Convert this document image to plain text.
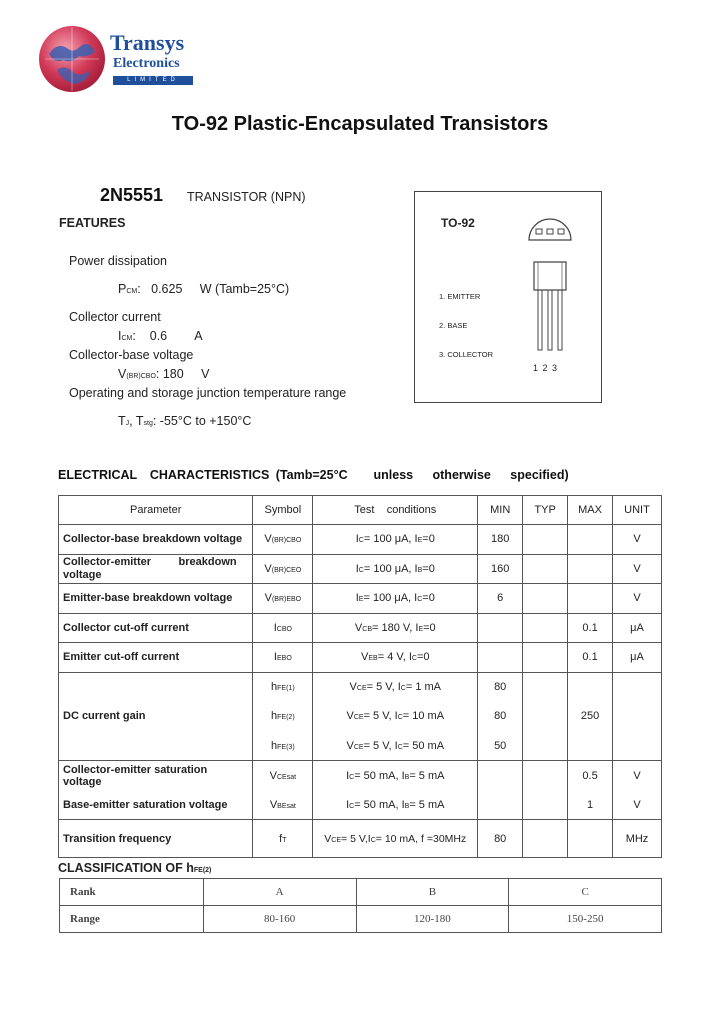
Transys
Electronics
LIMITED
TO-92 Plastic-Encapsulated Transistors
2N5551 TRANSISTOR (NPN)
FEATURES
Power dissipation
PCM:   0.625     W (Tamb=25°C)
Collector current
ICM:    0.6        A
Collector-base voltage
V(BR)CBO: 180     V
Operating and storage junction temperature range
TJ, Tstg: -55°C to +150°C
TO-92
1. EMITTER
2. BASE
3. COLLECTOR
1 2 3
ELECTRICAL  CHARACTERISTICS (Tamb=25°C    unless   otherwise   specified)
Parameter	Symbol	Test    conditions	MIN	TYP	MAX	UNIT
Collector-base breakdown voltage	V(BR)CBO	IC= 100 μA, IE=0	180			V
Collector-emitter         breakdown voltage	V(BR)CEO	IC= 100 μA, IB=0	160			V
Emitter-base breakdown voltage	V(BR)EBO	IE= 100 μA, IC=0	6			V
Collector cut-off current	ICBO	VCB= 180 V, IE=0			0.1	μA
Emitter cut-off current	IEBO	VEB= 4 V, IC=0			0.1	μA
DC current gain	hFE(1)	VCE= 5 V, IC= 1 mA	80			
	hFE(2)	VCE= 5 V, IC= 10 mA	80		250	
	hFE(3)	VCE= 5 V, IC= 50 mA	50			
Collector-emitter saturation voltage	VCEsat	IC= 50 mA, IB= 5 mA			0.5	V
Base-emitter saturation voltage	VBEsat	IC= 50 mA, IB= 5 mA			1	V
Transition frequency	fT	VCE= 5 V,IC= 10 mA, f =30MHz	80			MHz
CLASSIFICATION OF hFE(2)
Rank	A	B	C
Range	80-160	120-180	150-250
